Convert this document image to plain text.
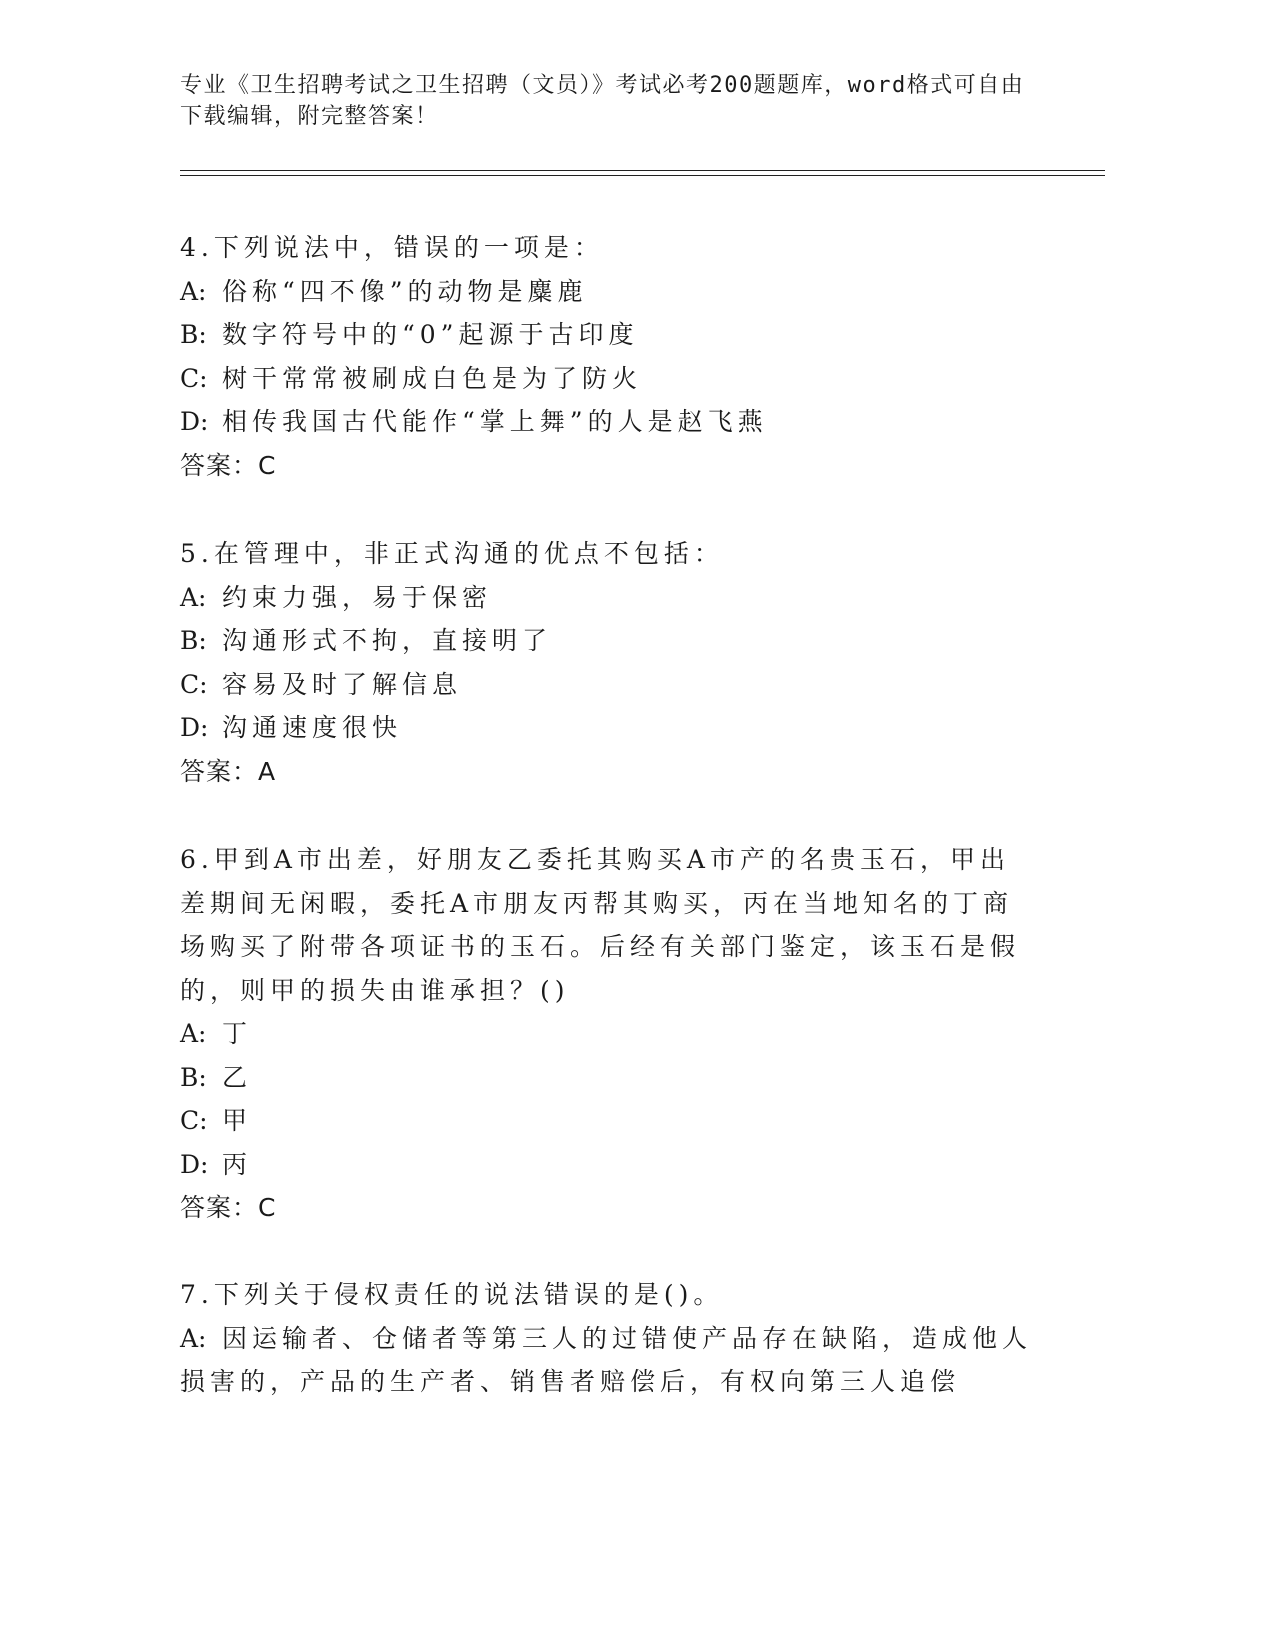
专业《卫生招聘考试之卫生招聘（文员）》考试必考200题题库，word格式可自由下载编辑，附完整答案！
4.下列说法中，错误的一项是：
A: 俗称“四不像”的动物是麋鹿
B: 数字符号中的“0”起源于古印度
C: 树干常常被刷成白色是为了防火
D: 相传我国古代能作“掌上舞”的人是赵飞燕
答案：C
5.在管理中，非正式沟通的优点不包括：
A: 约束力强，易于保密
B: 沟通形式不拘，直接明了
C: 容易及时了解信息
D: 沟通速度很快
答案：A
6.甲到A市出差，好朋友乙委托其购买A市产的名贵玉石，甲出差期间无闲暇，委托A市朋友丙帮其购买，丙在当地知名的丁商场购买了附带各项证书的玉石。后经有关部门鉴定，该玉石是假的，则甲的损失由谁承担？()
A: 丁
B: 乙
C: 甲
D: 丙
答案：C
7.下列关于侵权责任的说法错误的是()。
A: 因运输者、仓储者等第三人的过错使产品存在缺陷，造成他人损害的，产品的生产者、销售者赔偿后，有权向第三人追偿
